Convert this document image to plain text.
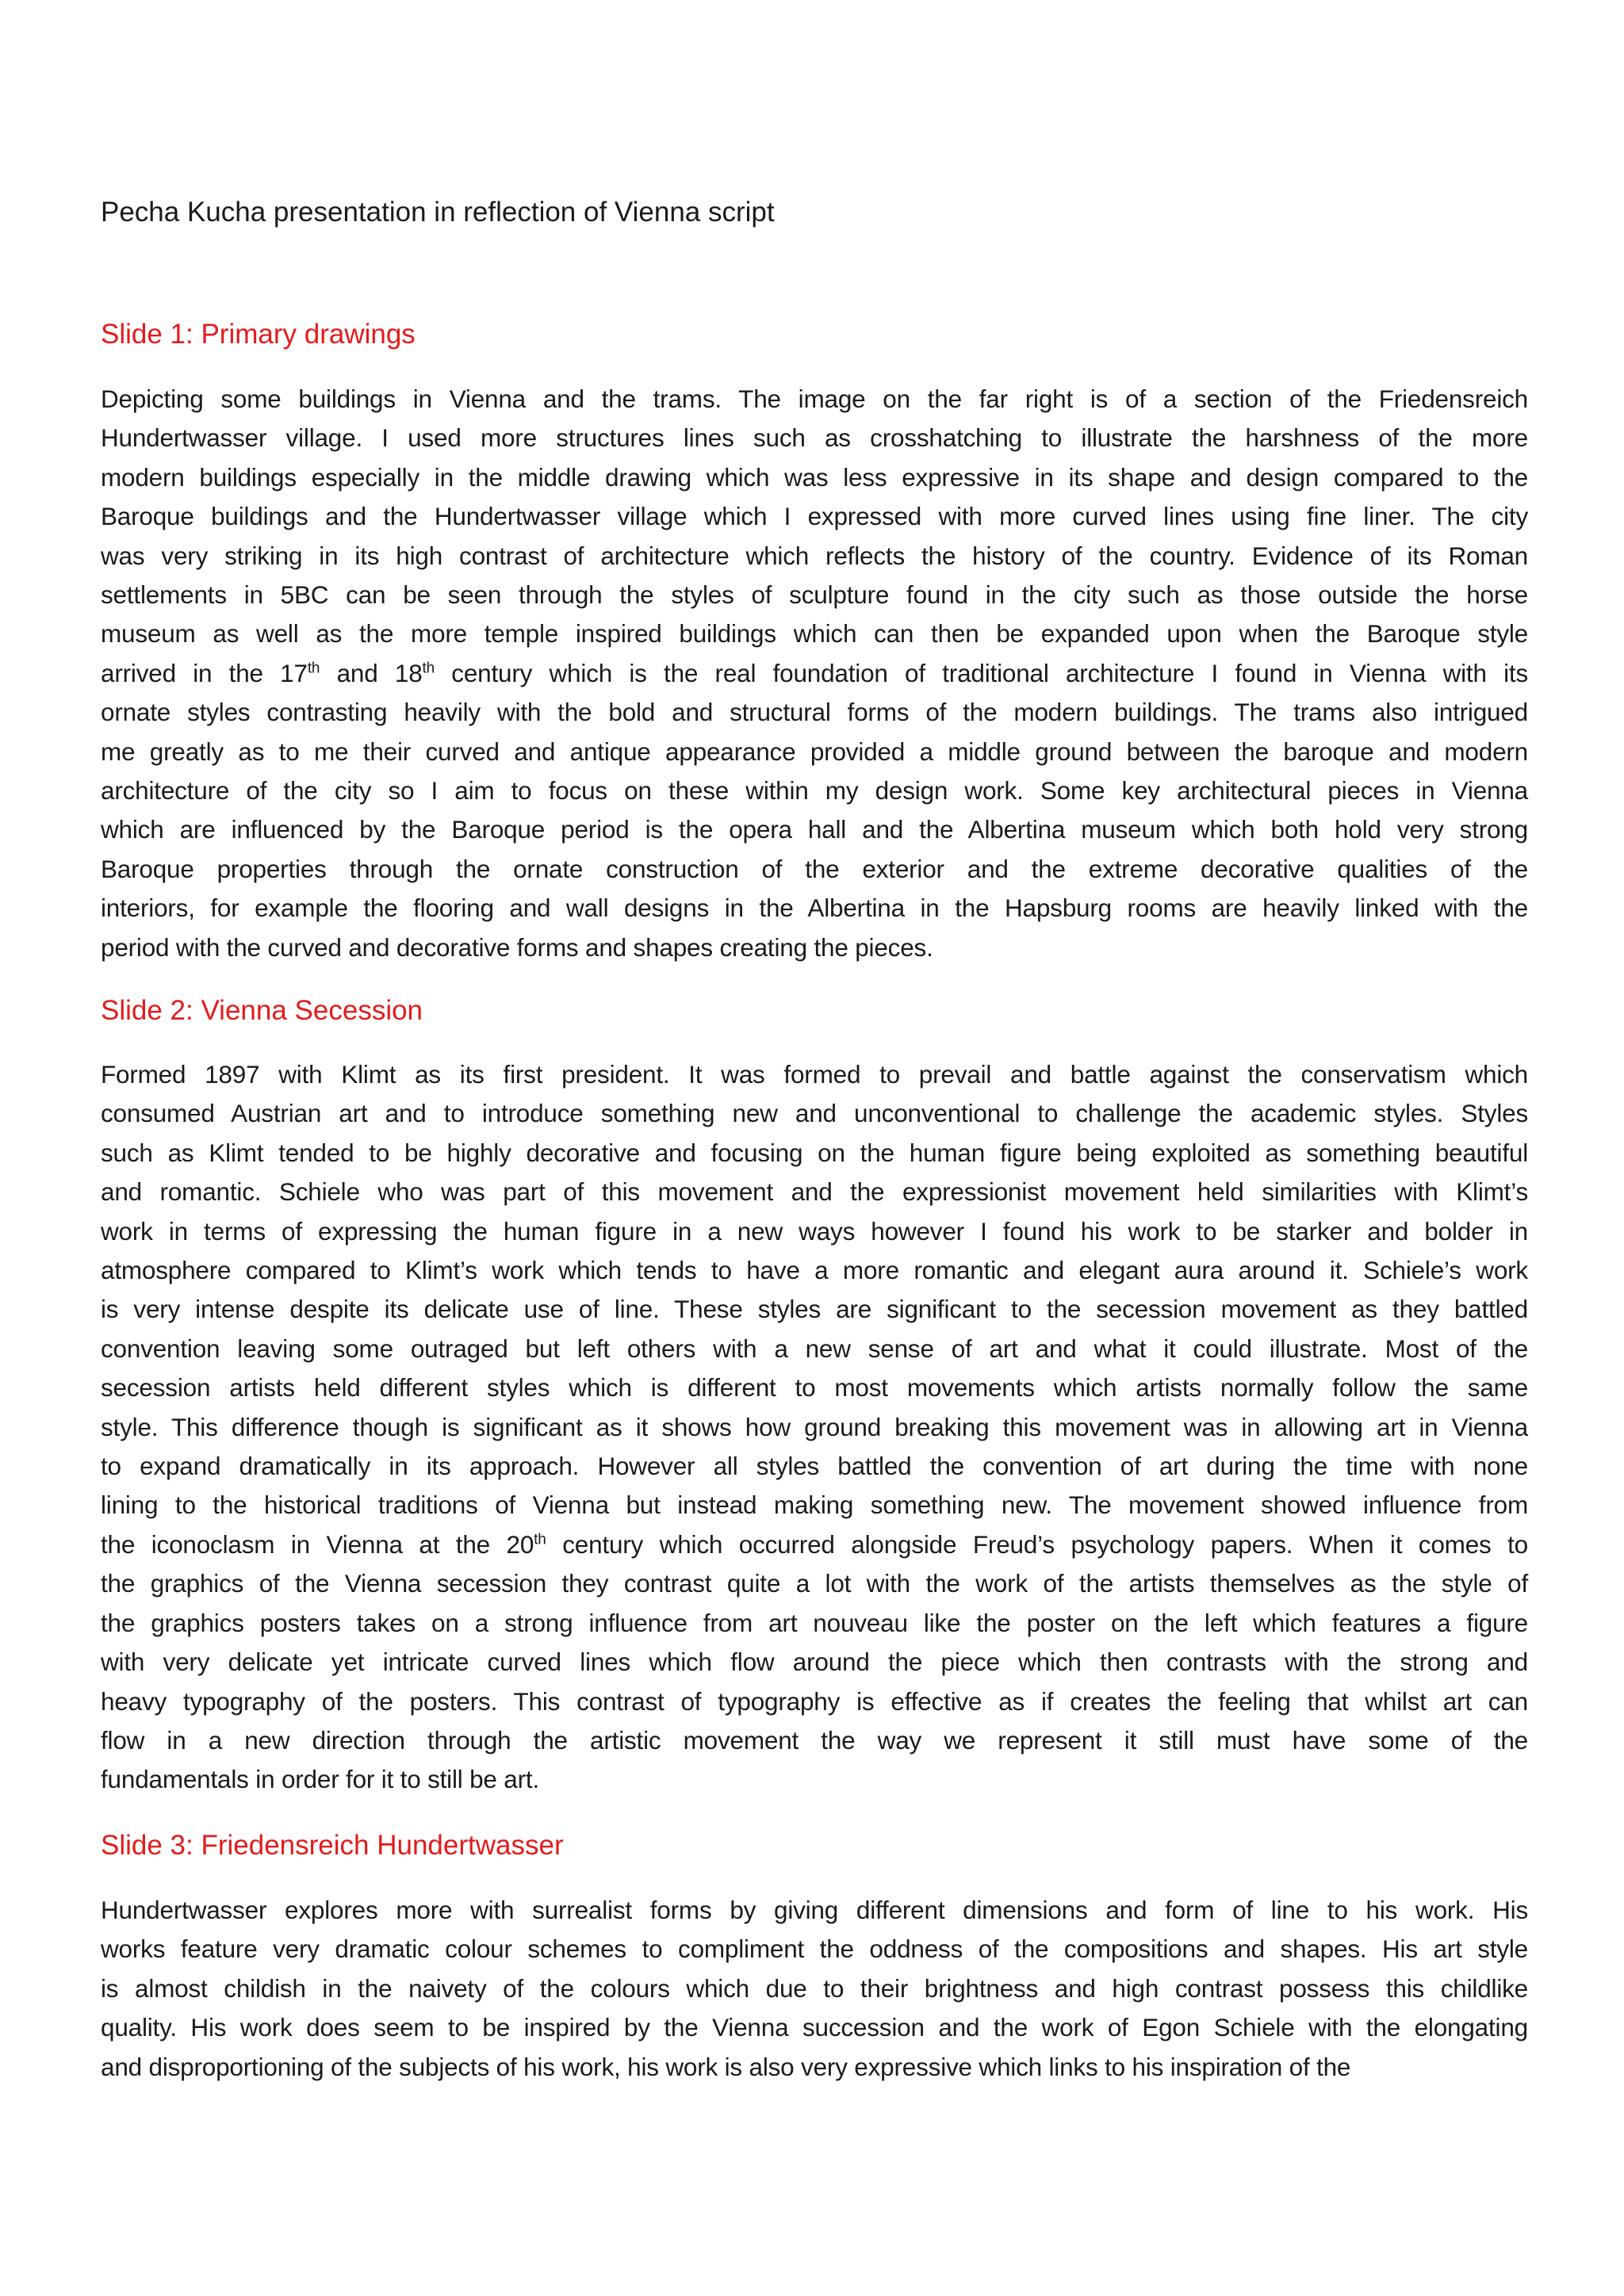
Pecha Kucha presentation in reflection of Vienna script
Slide 1: Primary drawings
Depicting some buildings in Vienna and the trams. The image on the far right is of a section of the Friedensreich
Hundertwasser village. I used more structures lines such as crosshatching to illustrate the harshness of the more
modern buildings especially in the middle drawing which was less expressive in its shape and design compared to the
Baroque buildings and the Hundertwasser village which I expressed with more curved lines using fine liner. The city
was very striking in its high contrast of architecture which reflects the history of the country. Evidence of its Roman
settlements in 5BC can be seen through the styles of sculpture found in the city such as those outside the horse
museum as well as the more temple inspired buildings which can then be expanded upon when the Baroque style
arrived in the 17th and 18th century which is the real foundation of traditional architecture I found in Vienna with its
ornate styles contrasting heavily with the bold and structural forms of the modern buildings. The trams also intrigued
me greatly as to me their curved and antique appearance provided a middle ground between the baroque and modern
architecture of the city so I aim to focus on these within my design work. Some key architectural pieces in Vienna
which are influenced by the Baroque period is the opera hall and the Albertina museum which both hold very strong
Baroque properties through the ornate construction of the exterior and the extreme decorative qualities of the
interiors, for example the flooring and wall designs in the Albertina in the Hapsburg rooms are heavily linked with the
period with the curved and decorative forms and shapes creating the pieces.
Slide 2: Vienna Secession
Formed 1897 with Klimt as its first president. It was formed to prevail and battle against the conservatism which
consumed Austrian art and to introduce something new and unconventional to challenge the academic styles. Styles
such as Klimt tended to be highly decorative and focusing on the human figure being exploited as something beautiful
and romantic. Schiele who was part of this movement and the expressionist movement held similarities with Klimt’s
work in terms of expressing the human figure in a new ways however I found his work to be starker and bolder in
atmosphere compared to Klimt’s work which tends to have a more romantic and elegant aura around it. Schiele’s work
is very intense despite its delicate use of line. These styles are significant to the secession movement as they battled
convention leaving some outraged but left others with a new sense of art and what it could illustrate. Most of the
secession artists held different styles which is different to most movements which artists normally follow the same
style. This difference though is significant as it shows how ground breaking this movement was in allowing art in Vienna
to expand dramatically in its approach. However all styles battled the convention of art during the time with none
lining to the historical traditions of Vienna but instead making something new. The movement showed influence from
the iconoclasm in Vienna at the 20th century which occurred alongside Freud’s psychology papers. When it comes to
the graphics of the Vienna secession they contrast quite a lot with the work of the artists themselves as the style of
the graphics posters takes on a strong influence from art nouveau like the poster on the left which features a figure
with very delicate yet intricate curved lines which flow around the piece which then contrasts with the strong and
heavy typography of the posters. This contrast of typography is effective as if creates the feeling that whilst art can
flow in a new direction through the artistic movement the way we represent it still must have some of the
fundamentals in order for it to still be art.
Slide 3: Friedensreich Hundertwasser
Hundertwasser explores more with surrealist forms by giving different dimensions and form of line to his work. His
works feature very dramatic colour schemes to compliment the oddness of the compositions and shapes. His art style
is almost childish in the naivety of the colours which due to their brightness and high contrast possess this childlike
quality. His work does seem to be inspired by the Vienna succession and the work of Egon Schiele with the elongating
and disproportioning of the subjects of his work, his work is also very expressive which links to his inspiration of the
